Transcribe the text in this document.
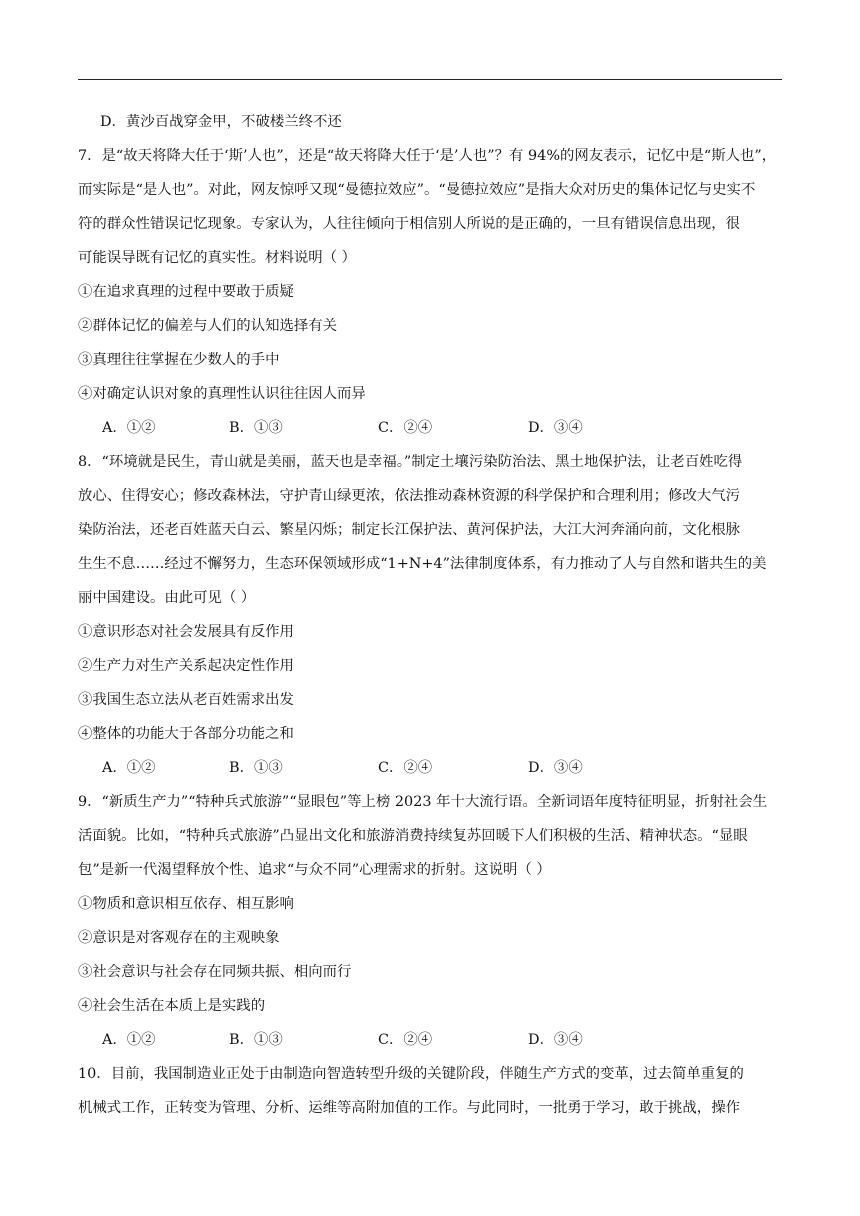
D．黄沙百战穿金甲，不破楼兰终不还
7．是“故天将降大任于‘斯’人也”，还是“故天将降大任于‘是’人也”？有 94%的网友表示，记忆中是“斯人也”，
而实际是“是人也”。对此，网友惊呼又现“曼德拉效应”。“曼德拉效应”是指大众对历史的集体记忆与史实不
符的群众性错误记忆现象。专家认为，人往往倾向于相信别人所说的是正确的，一旦有错误信息出现，很
可能误导既有记忆的真实性。材料说明（ ）
①在追求真理的过程中要敢于质疑
②群体记忆的偏差与人们的认知选择有关
③真理往往掌握在少数人的手中
④对确定认识对象的真理性认识往往因人而异
A．①②	B．①③	C．②④	D．③④
8．“环境就是民生，青山就是美丽，蓝天也是幸福。”制定土壤污染防治法、黑土地保护法，让老百姓吃得
放心、住得安心；修改森林法，守护青山绿更浓，依法推动森林资源的科学保护和合理利用；修改大气污
染防治法，还老百姓蓝天白云、繁星闪烁；制定长江保护法、黄河保护法，大江大河奔涌向前，文化根脉
生生不息……经过不懈努力，生态环保领域形成“1+N+4”法律制度体系，有力推动了人与自然和谐共生的美
丽中国建设。由此可见（ ）
①意识形态对社会发展具有反作用
②生产力对生产关系起决定性作用
③我国生态立法从老百姓需求出发
④整体的功能大于各部分功能之和
A．①②	B．①③	C．②④	D．③④
9．“新质生产力”“特种兵式旅游”“显眼包”等上榜 2023 年十大流行语。全新词语年度特征明显，折射社会生
活面貌。比如，“特种兵式旅游”凸显出文化和旅游消费持续复苏回暖下人们积极的生活、精神状态。“显眼
包”是新一代渴望释放个性、追求“与众不同”心理需求的折射。这说明（ ）
①物质和意识相互依存、相互影响
②意识是对客观存在的主观映象
③社会意识与社会存在同频共振、相向而行
④社会生活在本质上是实践的
A．①②	B．①③	C．②④	D．③④
10．目前，我国制造业正处于由制造向智造转型升级的关键阶段，伴随生产方式的变革，过去简单重复的
机械式工作，正转变为管理、分析、运维等高附加值的工作。与此同时，一批勇于学习，敢于挑战，操作
